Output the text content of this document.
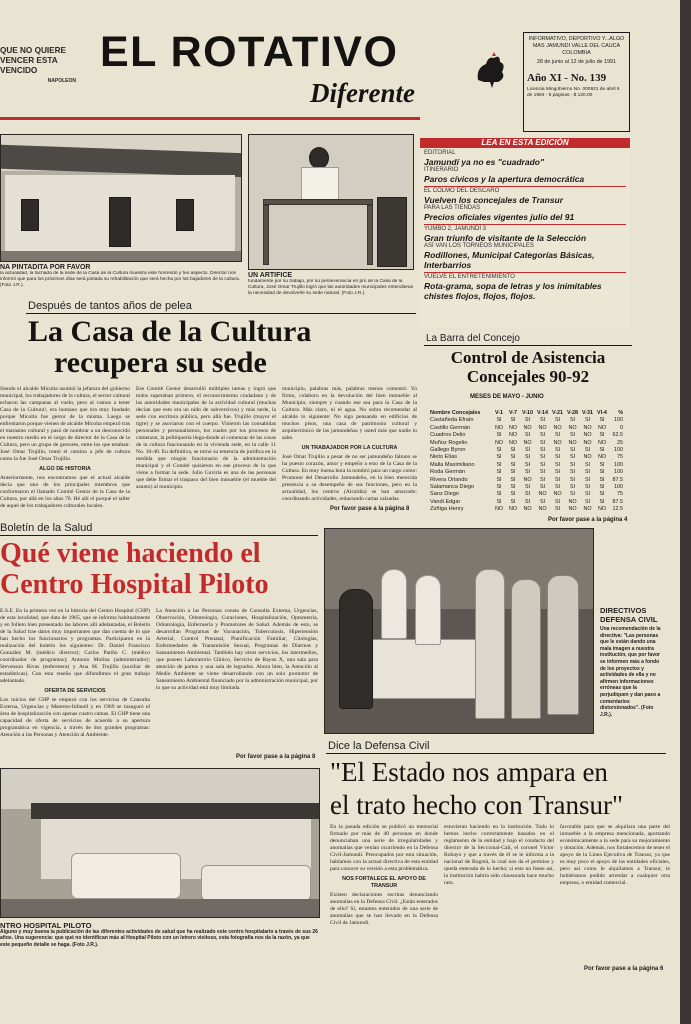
QUE NO QUIERE VENCER ESTA VENCIDO
NAPOLEON
EL ROTATIVO
Diferente
INFORMATIVO, DEPORTIVO Y...ALGO MAS JAMUNDI VALLE DEL CAUCA COLOMBIA
28 de junio al 12 de julio de 1991
Año XI - No. 139
Licencia Mingobierno No. 000921 de abril 6 de 1984 - 8 páginas - $ 120.00
NA PINTADITA POR FAVOR
la actualidad, la fachada de la sede de la Casa de la Cultura muestra este horrendo y feo aspecto. Director nos informó que para los próximos días será pintada su rehabilitación que será hecha por los bajadores de la cultura. (Foto J.R.).
UN ARTIFICE
fundamente por su trabajo, por su perseverancia en pro de la Casa de la Cultura, José Omar Trujillo logró que las autoridades municipales entendieran la necesidad de devolverle su sede natural. (Foto J.R.).
LEA EN ESTA EDICIÓN
EDITORIAL
Jamundí ya no es "cuadrado"
ITINERARIO
Paros cívicos y la apertura democrática
EL COLMO DEL DESCARO
Vuelven los concejales de Transur
PARA LAS TIENDAS
Precios oficiales vigentes julio del 91
YUMBO 2, JAMUNDÍ 3
Gran triunfo de visitante de la Selección
ASÍ VAN LOS TORNEOS MUNICIPALES
Rodillones, Municipal Categorías Básicas, Interbarrios
VUELVE EL ENTRETENIMIENTO
Rota-grama, sopa de letras y los inimitables chistes flojos, flojos, flojos.
Después de tantos años de pelea
La Casa de la Cultura
recupera su sede
Siendo el alcalde Micolta asumió la jefatura del gobierno municipal, los trabajadores de la cultura, el sector cultural echaron las campanas al vuelo, pero al vamos a tener Casa de la Cultura!, era humano que era muy fundado porque Micolta fue gestor de la misma. Luego se enfrentaron porque vienen de alcalde Micolta empezó tras el marasmo cultural y pasó de nombrar a un desconocido en nuestro medio en el cargo de director de la Casa de la Cultura, pero un grupo de gestores, entre los que estaban: José Omar Trujillo, tomó el camino a jefe de cultura como la fue José Omar Trujillo.
ALGO DE HISTORIA
Anteriormente, nos encontramos que el actual alcalde decía que uno de los principales miembros que conformaron el llamado Comité Gestor de la Casa de la Cultura, por allá en los años 70. Hé allí el porqué el taller de aquel de los trabajadores culturales locales.
Ese Comité Gestor desarrolló múltiples tareas y logró que todos superaban primero, el reconocimiento ciudadano y de las autoridades municipales de la actividad cultural (muchas decían que esto era un nido de subversivos) y más tarde, la sede con escritura pública, pero allá fue. Trujillo (mayor el tigre) y se asociaron con el cuerpo. Vinieron las consabidas personales y personalismos, los cuales por los procesos de comenzar, la politiquería llega-donde al comenzar de las cosas de la cultura funcionando en la vivienda sede, en la calle 11 No. 10-40. En definitiva, se tornó su tenencia de jurídica en la medida que ningún funcionario de la administración municipal y el Comité quisieron en ese proceso de lo que viene a formar la sede. Julio Gaviria es una de las personas que debe firmar el traspaso del bien inmueble (el mueble del asunto) al municipio.
municipio, palabras más, palabras menos comentó: Yo firmo, colaboro en la devolución del bien inmueble al Municipio, siempre y cuando ese sea para la Casa de la Cultura. Más claro, ni el agua. No sobra recomendar al alcalde lo siguiente: No siga pensando en edificios de muchos pisos, una casa de patrimonio cultural y arquitectónico de las jamundeñas y usted más que nadie lo sabe.
UN TRABAJADOR POR LA CULTURA
José Omar Trujillo a pesar de no ser jamundeño faltuno se ha puesto corazón, amor y empeño a esto de la Casa de la Cultura. En muy buena hora la nombró para un cargo como: Promotor del Desarrollo Jamundeño, en la bien merecida presencia a su desempeño de sus funciones, pero en la actualidad, los centros (Alcaldía) se han amarrado: coordinando actividades, redactando cartas calzadas
Por favor pase a la página 8
La Barra del Concejo
Control de Asistencia
Concejales 90-92
MESES DE MAYO - JUNIO
Nombre Concejales	V-1	V-7 V-10 V-14 V-21 V-28 V-31 VI-4	%
Castañeda Efraín	SI	SI	SI	SI	SI	SI	SI	SI	100
Castillo Germán	NO	NO	NO	NO	NO	NO	NO	NO	0
Cuadros Delio	SI	NO	SI	SI	SI	SI	NO	SI	62.5
Muñoz Rogelio	NO	NO	NO	SI	NO	NO	NO	NO	25
Gallego Byron	SI	SI	SI	SI	SI	SI	SI	SI	100
Nieto Elías	SI	SI	SI	SI	SI	SI	NO	NO	75
Malla Maximiliano	SI	SI	SI	SI	SI	SI	SI	SI	100
Roda Germán	SI	SI	SI	SI	SI	SI	SI	SI	100
Rivera Orlando	SI	SI	NO	SI	SI	SI	SI	SI	87.5
Salamanca Diego	SI	SI	SI	SI	SI	SI	SI	SI	100
Sanz Diego	SI	SI	SI	NO	NO	SI	SI	SI	75
Vandi Edgar	SI	SI	SI	SI	SI	NO	SI	SI	87.5
Zúñiga Henry	NO	NO	NO	NO	SI	NO	NO	NO	12.5
Por favor pase a la página 4
Boletín de la Salud
Qué viene haciendo el
Centro Hospital Piloto
E.S.E. En la primera vez en la historia del Centro Hospital (CHP) de esta localidad, que data de 1965, que se informa habitualmente y en folleto bien presentado las labores allí adelantadas, el Boletín de la Salud trae datos muy importantes que dan cuenta de lo que han hecho los funcionarios y programas. Participaron en la realización del boletín los siguientes: Dr. Daniel Francisco González M. (médico director); Carlos Patiño C. (médico coordinador de programas); Antonio Molina (administrador); Stevenson Rivas (enfermera) y Ana M. Trujillo (auxiliar de estadísticas). Con esta reseña que difundimos el gran trabajo adelantado.
OFERTA DE SERVICIOS
Los inicios del CHP se empezó con los servicios de Consulta Externa, Urgencias y Materno-Infantil y en 1969 se inauguró el área de hospitalización con apenas cuatro camas. El CHP tiene una capacidad de oferta de servicios de acuerdo a su apertura programática en vigencia, a través de dos grandes programas: Atención a las Personas y Atención al Ambiente.
La Atención a las Personas consta de Consulta Externa, Urgencias, Observación, Odontología, Curaciones, Hospitalización, Optometría, Odontología, Enfermería y Promotores de Salud. Además de esto, se desarrollan Programas de Vacunación, Tuberculosis, Hipertensión Arterial, Control Prenatal, Planificación Familiar, Citologías, Enfermedades de Transmisión Sexual, Programas de Diarreas y Saneamiento Ambiental. También hay otros servicios, los intermedios, que poseen Laboratorio Clínico, Servicio de Rayos X, una sala para atención de partos y una sala de legrados. Ahora bien, la Atención al Medio Ambiente se viene desarrollando con un solo promotor de Saneamiento Ambiental financiado por la administración municipal, por lo que su actividad está muy limitada.
Por favor pase a la página 8
DIRECTIVOS DEFENSA CIVIL
Una recomendación de la directiva: "Las personas que le están dando una mala imagen a nuestra institución, que por favor se informen más a fondo de los proyectos y actividades de ella y no afirmen informaciones erróneas que la perjudiquen y dan paso a comentarios distorsionados". (Foto J.R.).
Dice la Defensa Civil
"El Estado nos ampara en
el trato hecho con Transur"
En la pasada edición se publicó un memorial firmado por más de 40 personas en donde denunciaban una serie de irregularidades y anomalías que venían ocurriendo en la Defensa Civil-Jamundí. Preocupados por esta situación, hablamos con la actual directiva de esta entidad para conocer su versión a esta problemática.
NOS FORTALECE EL APOYO DE TRANSUR
Existen declaraciones escritas denunciando anomalías en la Defensa Civil. ¿Están enterados de ello? Sí, estamos enterados de una serie de anomalías que se han llevado en la Defensa Civil de Jamundí.
estuvieran haciendo en la institución. Todo lo hemos hecho correctamente basados en el reglamento de la entidad y bajo el conducto del director de la Seccional-Cali, el coronel Víctor Robayo y que a través de él se le informa a la nacional de Bogotá, la cual nos da el permiso y queda enterada de lo hecho; si esto no fuese así, la institución habría sido clausurada hace mucho rato.
favorable para que se alquilara una parte del inmueble a la empresa mencionada, aportando económicamente a la sede para su mejoramiento y dotación. Además, nos fortalecemos de tener el apoyo de la Línea Ejecutiva de Transur, ya que es muy poco el apoyo de las entidades oficiales, pero así como le alquilamos a Transur, le hubiéramos podido arrendar a cualquier otra empresa, o entidad comercial.
Por favor pase a la página 6
NTRO HOSPITAL PILOTO
Alguno y muy buena la publicación de las diferentes actividades de salud que ha realizado este centro hospitalario a través de sus 26 años. Una sugerencia: que qué no identifican más al Hospital Piloto con un letrero visitoso, esta fotografía nos da la razón, ya que este pequeño detalle se haga. (Foto J.R.).
